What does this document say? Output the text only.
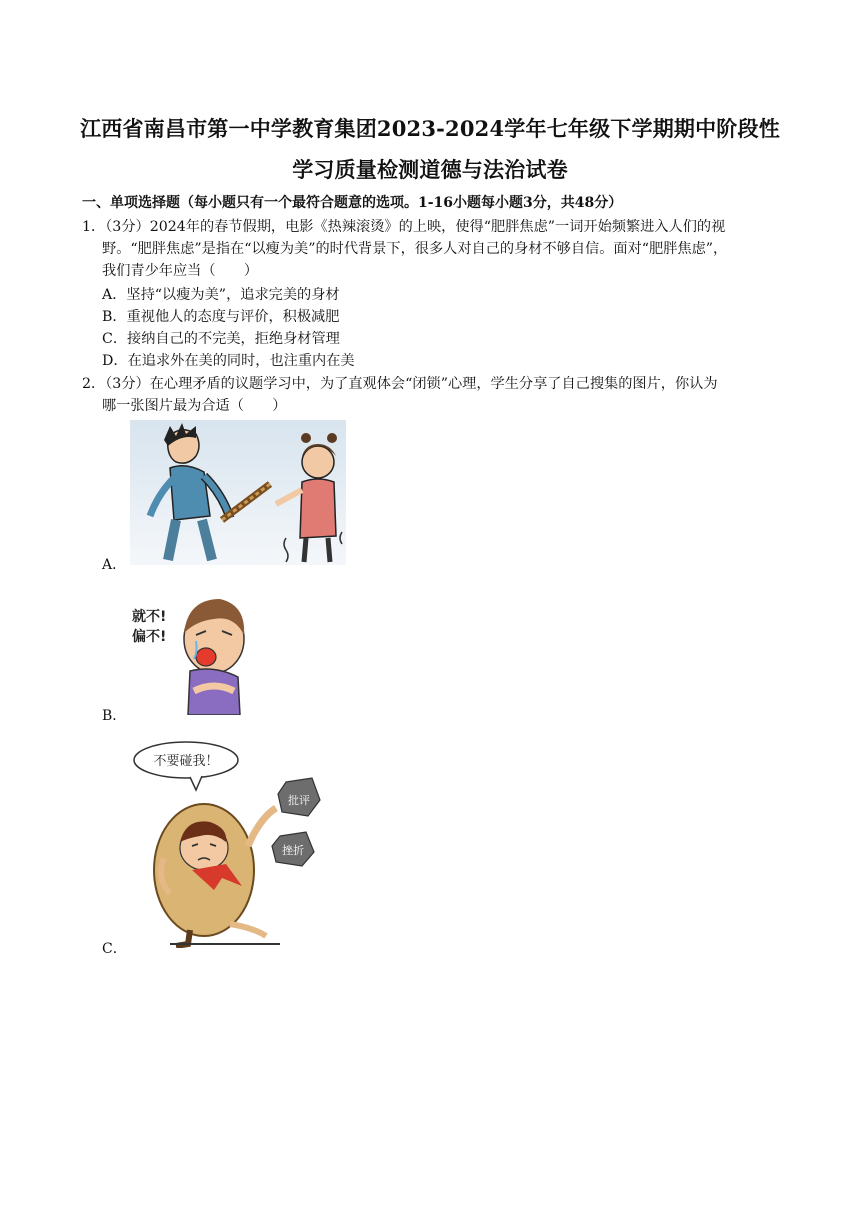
江西省南昌市第一中学教育集团2023-2024学年七年级下学期期中阶段性
学习质量检测道德与法治试卷
一、单项选择题（每小题只有一个最符合题意的选项。1-16小题每小题3分，共48分）
1．（3分）2024年的春节假期，电影《热辣滚烫》的上映，使得“肥胖焦虑”一词开始频繁进入人们的视
野。“肥胖焦虑”是指在“以瘦为美”的时代背景下，很多人对自己的身材不够自信。面对“肥胖焦虑”，
我们青少年应当（　　）
A．坚持“以瘦为美”，追求完美的身材
B．重视他人的态度与评价，积极减肥
C．接纳自己的不完美，拒绝身材管理
D．在追求外在美的同时，也注重内在美
2．（3分）在心理矛盾的议题学习中，为了直观体会“闭锁”心理，学生分享了自己搜集的图片，你认为
哪一张图片最为合适（　　）
A．
就不!
偏不!
B．
不要碰我！
批评
挫折
C．
